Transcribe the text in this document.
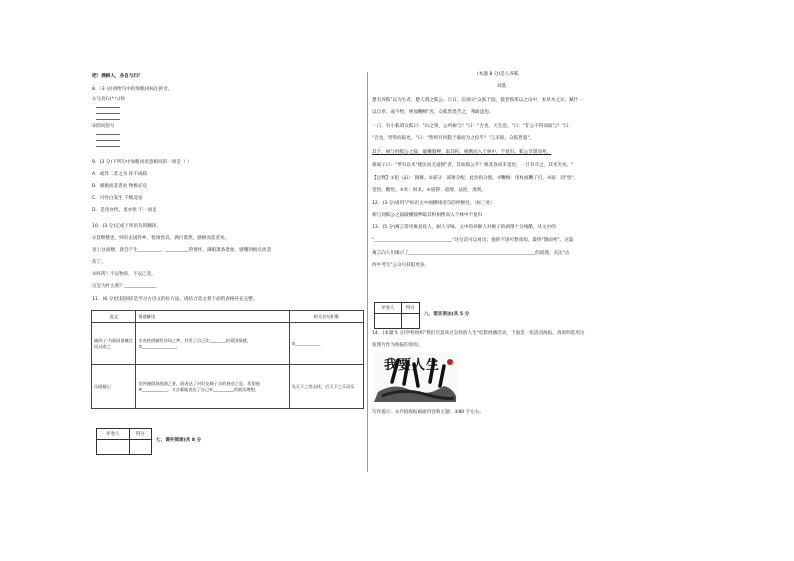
吧！满耕人，各自与归？
8．（3 分)请给句中的加粗词标注拼音。
①马食石(*八)快
②阴风怒号
9．(3 分)下列句中加粗词语意相同的一项是（ ）
A．或异二者之为 环不成缺
B．感极而悲者矣 物极必反
C．可怜白发生 千帆竞发
D．是进亦忧，退亦忧 不一而足
10．(3 分)完成下列语句的翻译。
①登斯楼也，则有去国怀乡，忧谗畏讥，满目萧然，感极而悲者矣。
登上这座楼，就会产生__________、__________的情怀，满眼萧条景象，感慨到极点而悲
伤了。
②何哉？不以物喜，不以己悲。
这是为什么呢？______________
11．(6 分)比较阅读是学习古诗文的好方法，请结合选文将下面的表格补充完整。
选文	情感解读	相关名句积累
破阵子·为陈同甫赋壮词以寄之	辛弃疾借描绘沙场之梦，抒发了自己①________的爱国情感，②________________。	③____________
岳阳楼记	范仲淹借洞庭湖之景，既表达了对好友滕子京的规劝之意，希望他④____________，又含蓄地表达了自己⑤__________的政治理想。	先天下之忧而忧，后天下之乐而乐
评卷人	得分

七、课外阅读(共 8 分
(本题 8 分)是人养狐
刘基
楚有养狐"以为生者，楚人谓之狐公。旦日，必部分"众狐于庭，使老狐率以之山中，本草木之实，赋什一
以自奉。或不给，则加鞭棰"焉，众狐皆畏苦之，弗敢违也。
一日，有小狐谓众狐曰："山之果，公所树与？"曰："否也，天生也。"曰："非公不得而取与？"曰：
"否也，皆得而取也。"曰："然则吾何假于彼而为之役乎？"言未既，众狐皆寤"。
其夕，相与伺狐公之寝，破栅毁柙，取其积，相携而入于林中，不复归。狐公卒馁而死。
郁离子曰："世有以术"使民而无道揆"者，其如狐公乎？惟其昏而未觉也，一旦有开之，其术穷矣。"
【注释】①狙（jū）：猕猴。②部分：部署分配，此处指分派。③鞭棰：用杖或鞭子打。④寤：同"悟"，
觉悟，醒悟。⑤术：权术。⑥道揆：道理，法度，准则。
12．(3 分)请用"/"标出文中画横线语句的停顿处。（标三处）
相与伺狐公之寝破栅毁柙取其积相携而入于林中不复归
13．(5 分)寓言常用寓意化人，耐人寻味。文中的养猴人对猴子的剥削十分残酷，从文中的
"__________________________________"这句话可以看出；他的下场可想而知，最终"饿而死"。这篇
寓言向人们揭示了_______________________________________________________的道理。关注"击
西中考生"公众号获取更多。
评卷人	得分

八、语言表达(共 5 分
14．(本题 5 分)学校组织"我们究竟该过怎样的人生"电影展播活动，下面是一张活动海报。请说明选用这
张图片作为海报的原因。
我要人生
写作提示：①介绍海报画面内容和主题；②80 字左右。
